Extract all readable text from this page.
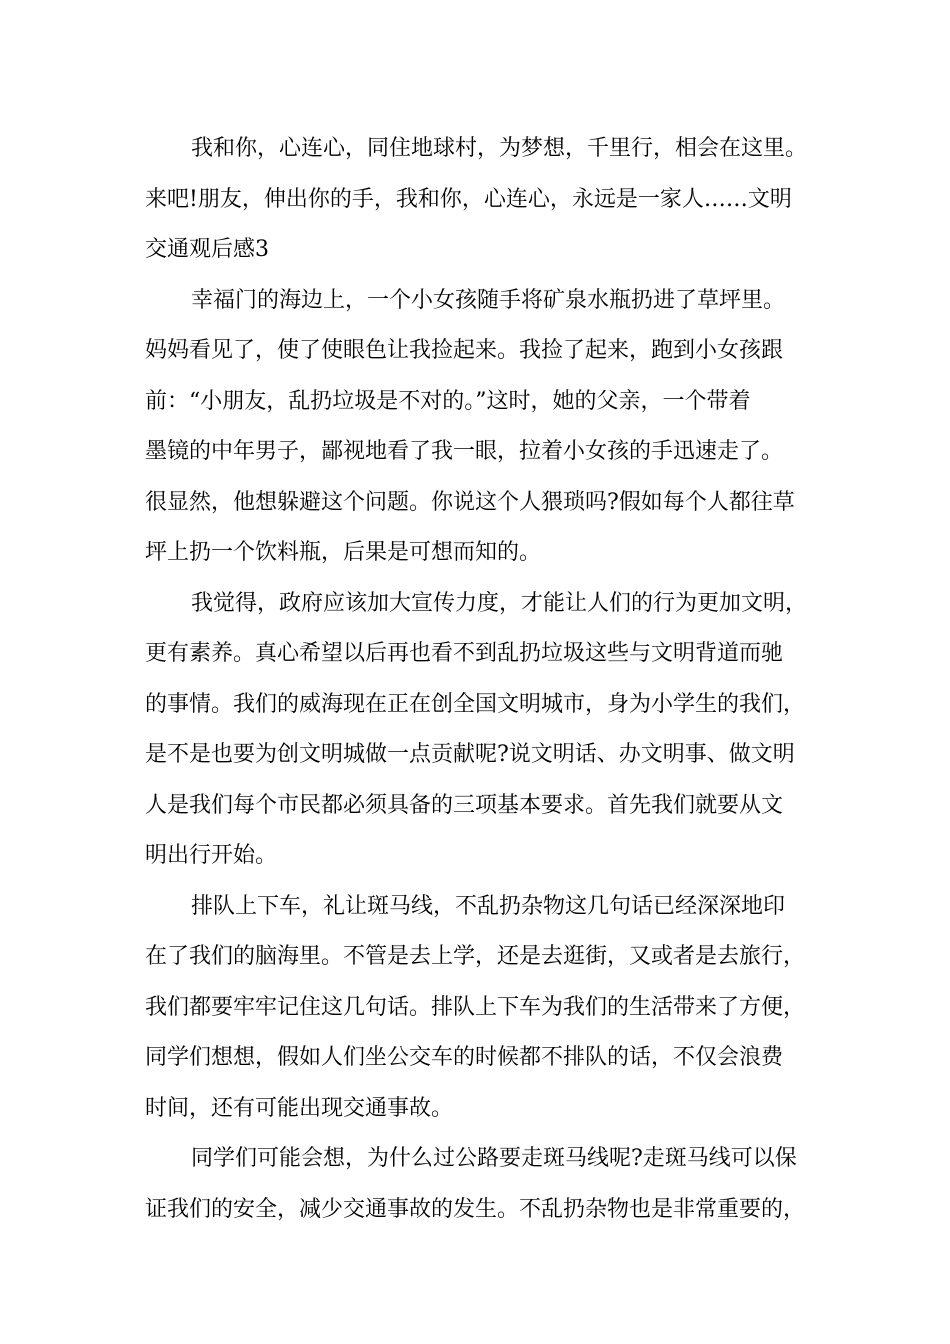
我和你，心连心，同住地球村，为梦想，千里行，相会在这里。
来吧!朋友，伸出你的手，我和你，心连心，永远是一家人……文明
交通观后感3
幸福门的海边上，一个小女孩随手将矿泉水瓶扔进了草坪里。
妈妈看见了，使了使眼色让我捡起来。我捡了起来，跑到小女孩跟
前：“小朋友，乱扔垃圾是不对的。”这时，她的父亲，一个带着
墨镜的中年男子，鄙视地看了我一眼，拉着小女孩的手迅速走了。
很显然，他想躲避这个问题。你说这个人猥琐吗?假如每个人都往草
坪上扔一个饮料瓶，后果是可想而知的。
我觉得，政府应该加大宣传力度，才能让人们的行为更加文明，
更有素养。真心希望以后再也看不到乱扔垃圾这些与文明背道而驰
的事情。我们的威海现在正在创全国文明城市，身为小学生的我们，
是不是也要为创文明城做一点贡献呢?说文明话、办文明事、做文明
人是我们每个市民都必须具备的三项基本要求。首先我们就要从文
明出行开始。
排队上下车，礼让斑马线，不乱扔杂物这几句话已经深深地印
在了我们的脑海里。不管是去上学，还是去逛街，又或者是去旅行，
我们都要牢牢记住这几句话。排队上下车为我们的生活带来了方便，
同学们想想，假如人们坐公交车的时候都不排队的话，不仅会浪费
时间，还有可能出现交通事故。
同学们可能会想，为什么过公路要走斑马线呢?走斑马线可以保
证我们的安全，减少交通事故的发生。不乱扔杂物也是非常重要的，
